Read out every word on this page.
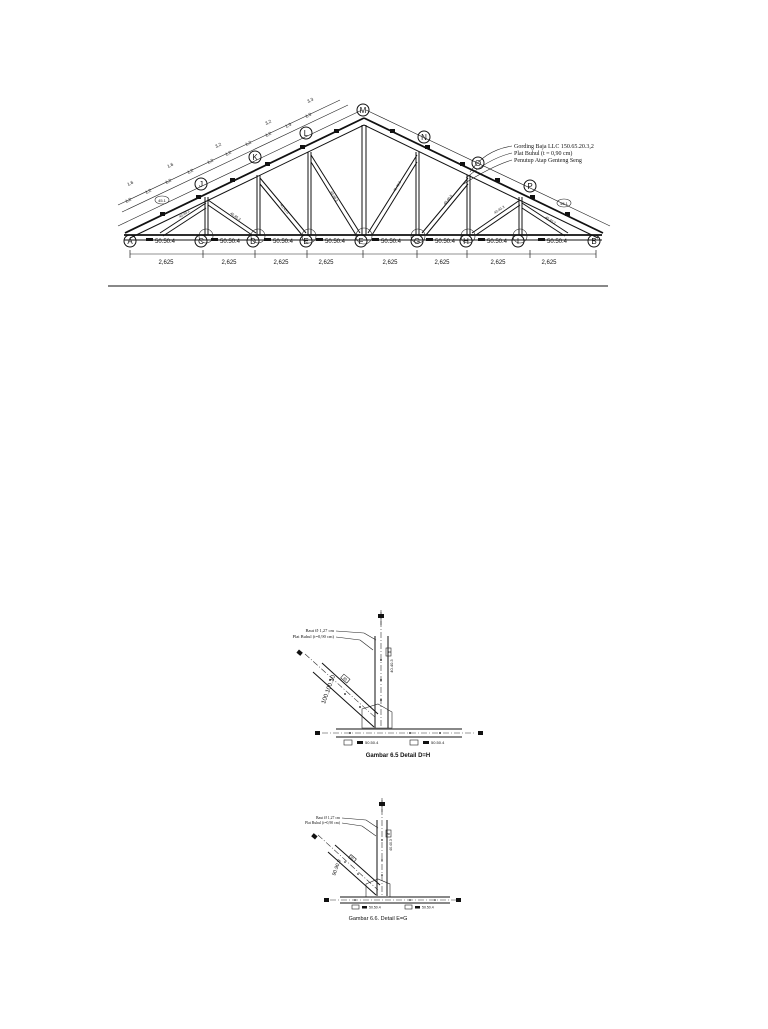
M
L
K
J
N
O
P
A	C	D	E	F	G	H	I	B
50.50.4	50.50.4	50.50.4	50.50.4	50.50.4	50.50.4	50.50.4	50.50.4
2,625	2,625	2,625	2,625	2,625	2,625	2,625	2,625
1,6
1,6
3,2
3,2
3,3
1,2
1,2
1,2
1,2
1,2
1,2
1,2
1,2
1,3
1,3
40.40.3	40.40.3
45.45.5
40.40.3
40.40.3
45.45.5
40.40.3
40.40.3
45.1
45.1
Gording Baja LLC 150.65.20.3,2
Plat Buhul (t = 0,90 cm)
Penutup Atap Genteng Seng
Baut Ø 1,27 cm
Plat Buhul (t=0,90 cm)
100.100.10
40.40.3
80
80
50.50.4	50.50.4
Gambar 6.5 Detail D=H
Baut Ø 1,27 cm
Plat Buhul (t=0,90 cm)
90.90.9
40.40.3
80
80
50.50.4	50.50.4
Gambar 6.6. Detail E=G
